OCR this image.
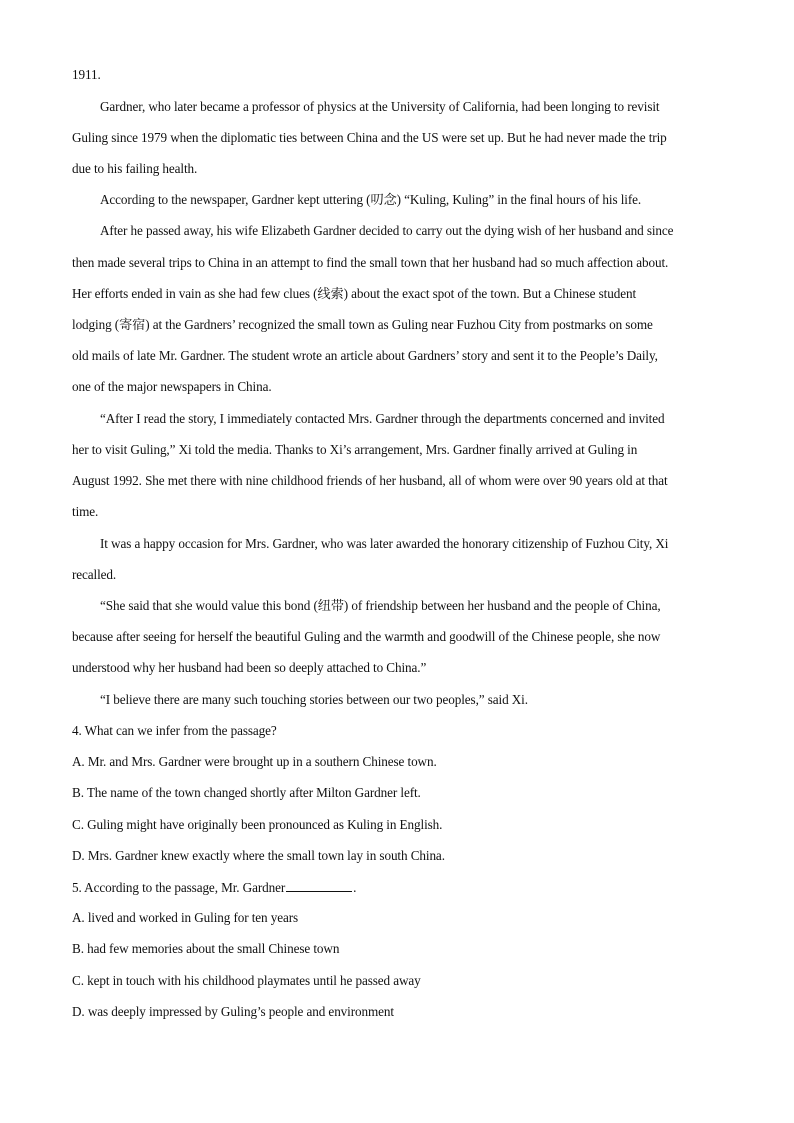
1911.
Gardner, who later became a professor of physics at the University of California, had been longing to revisit
Guling since 1979 when the diplomatic ties between China and the US were set up. But he had never made the trip
due to his failing health.
According to the newspaper, Gardner kept uttering (叨念) “Kuling, Kuling” in the final hours of his life.
After he passed away, his wife Elizabeth Gardner decided to carry out the dying wish of her husband and since
then made several trips to China in an attempt to find the small town that her husband had so much affection about.
Her efforts ended in vain as she had few clues (线索) about the exact spot of the town. But a Chinese student
lodging (寄宿) at the Gardners’ recognized the small town as Guling near Fuzhou City from postmarks on some
old mails of late Mr. Gardner. The student wrote an article about Gardners’ story and sent it to the People’s Daily,
one of the major newspapers in China.
“After I read the story, I immediately contacted Mrs. Gardner through the departments concerned and invited
her to visit Guling,” Xi told the media. Thanks to Xi’s arrangement, Mrs. Gardner finally arrived at Guling in
August 1992. She met there with nine childhood friends of her husband, all of whom were over 90 years old at that
time.
It was a happy occasion for Mrs. Gardner, who was later awarded the honorary citizenship of Fuzhou City, Xi
recalled.
“She said that she would value this bond (纽带) of friendship between her husband and the people of China,
because after seeing for herself the beautiful Guling and the warmth and goodwill of the Chinese people, she now
understood why her husband had been so deeply attached to China.”
“I believe there are many such touching stories between our two peoples,” said Xi.
4. What can we infer from the passage?
A. Mr. and Mrs. Gardner were brought up in a southern Chinese town.
B. The name of the town changed shortly after Milton Gardner left.
C. Guling might have originally been pronounced as Kuling in English.
D. Mrs. Gardner knew exactly where the small town lay in south China.
5. According to the passage, Mr. Gardner	.
A. lived and worked in Guling for ten years
B. had few memories about the small Chinese town
C. kept in touch with his childhood playmates until he passed away
D. was deeply impressed by Guling’s people and environment
